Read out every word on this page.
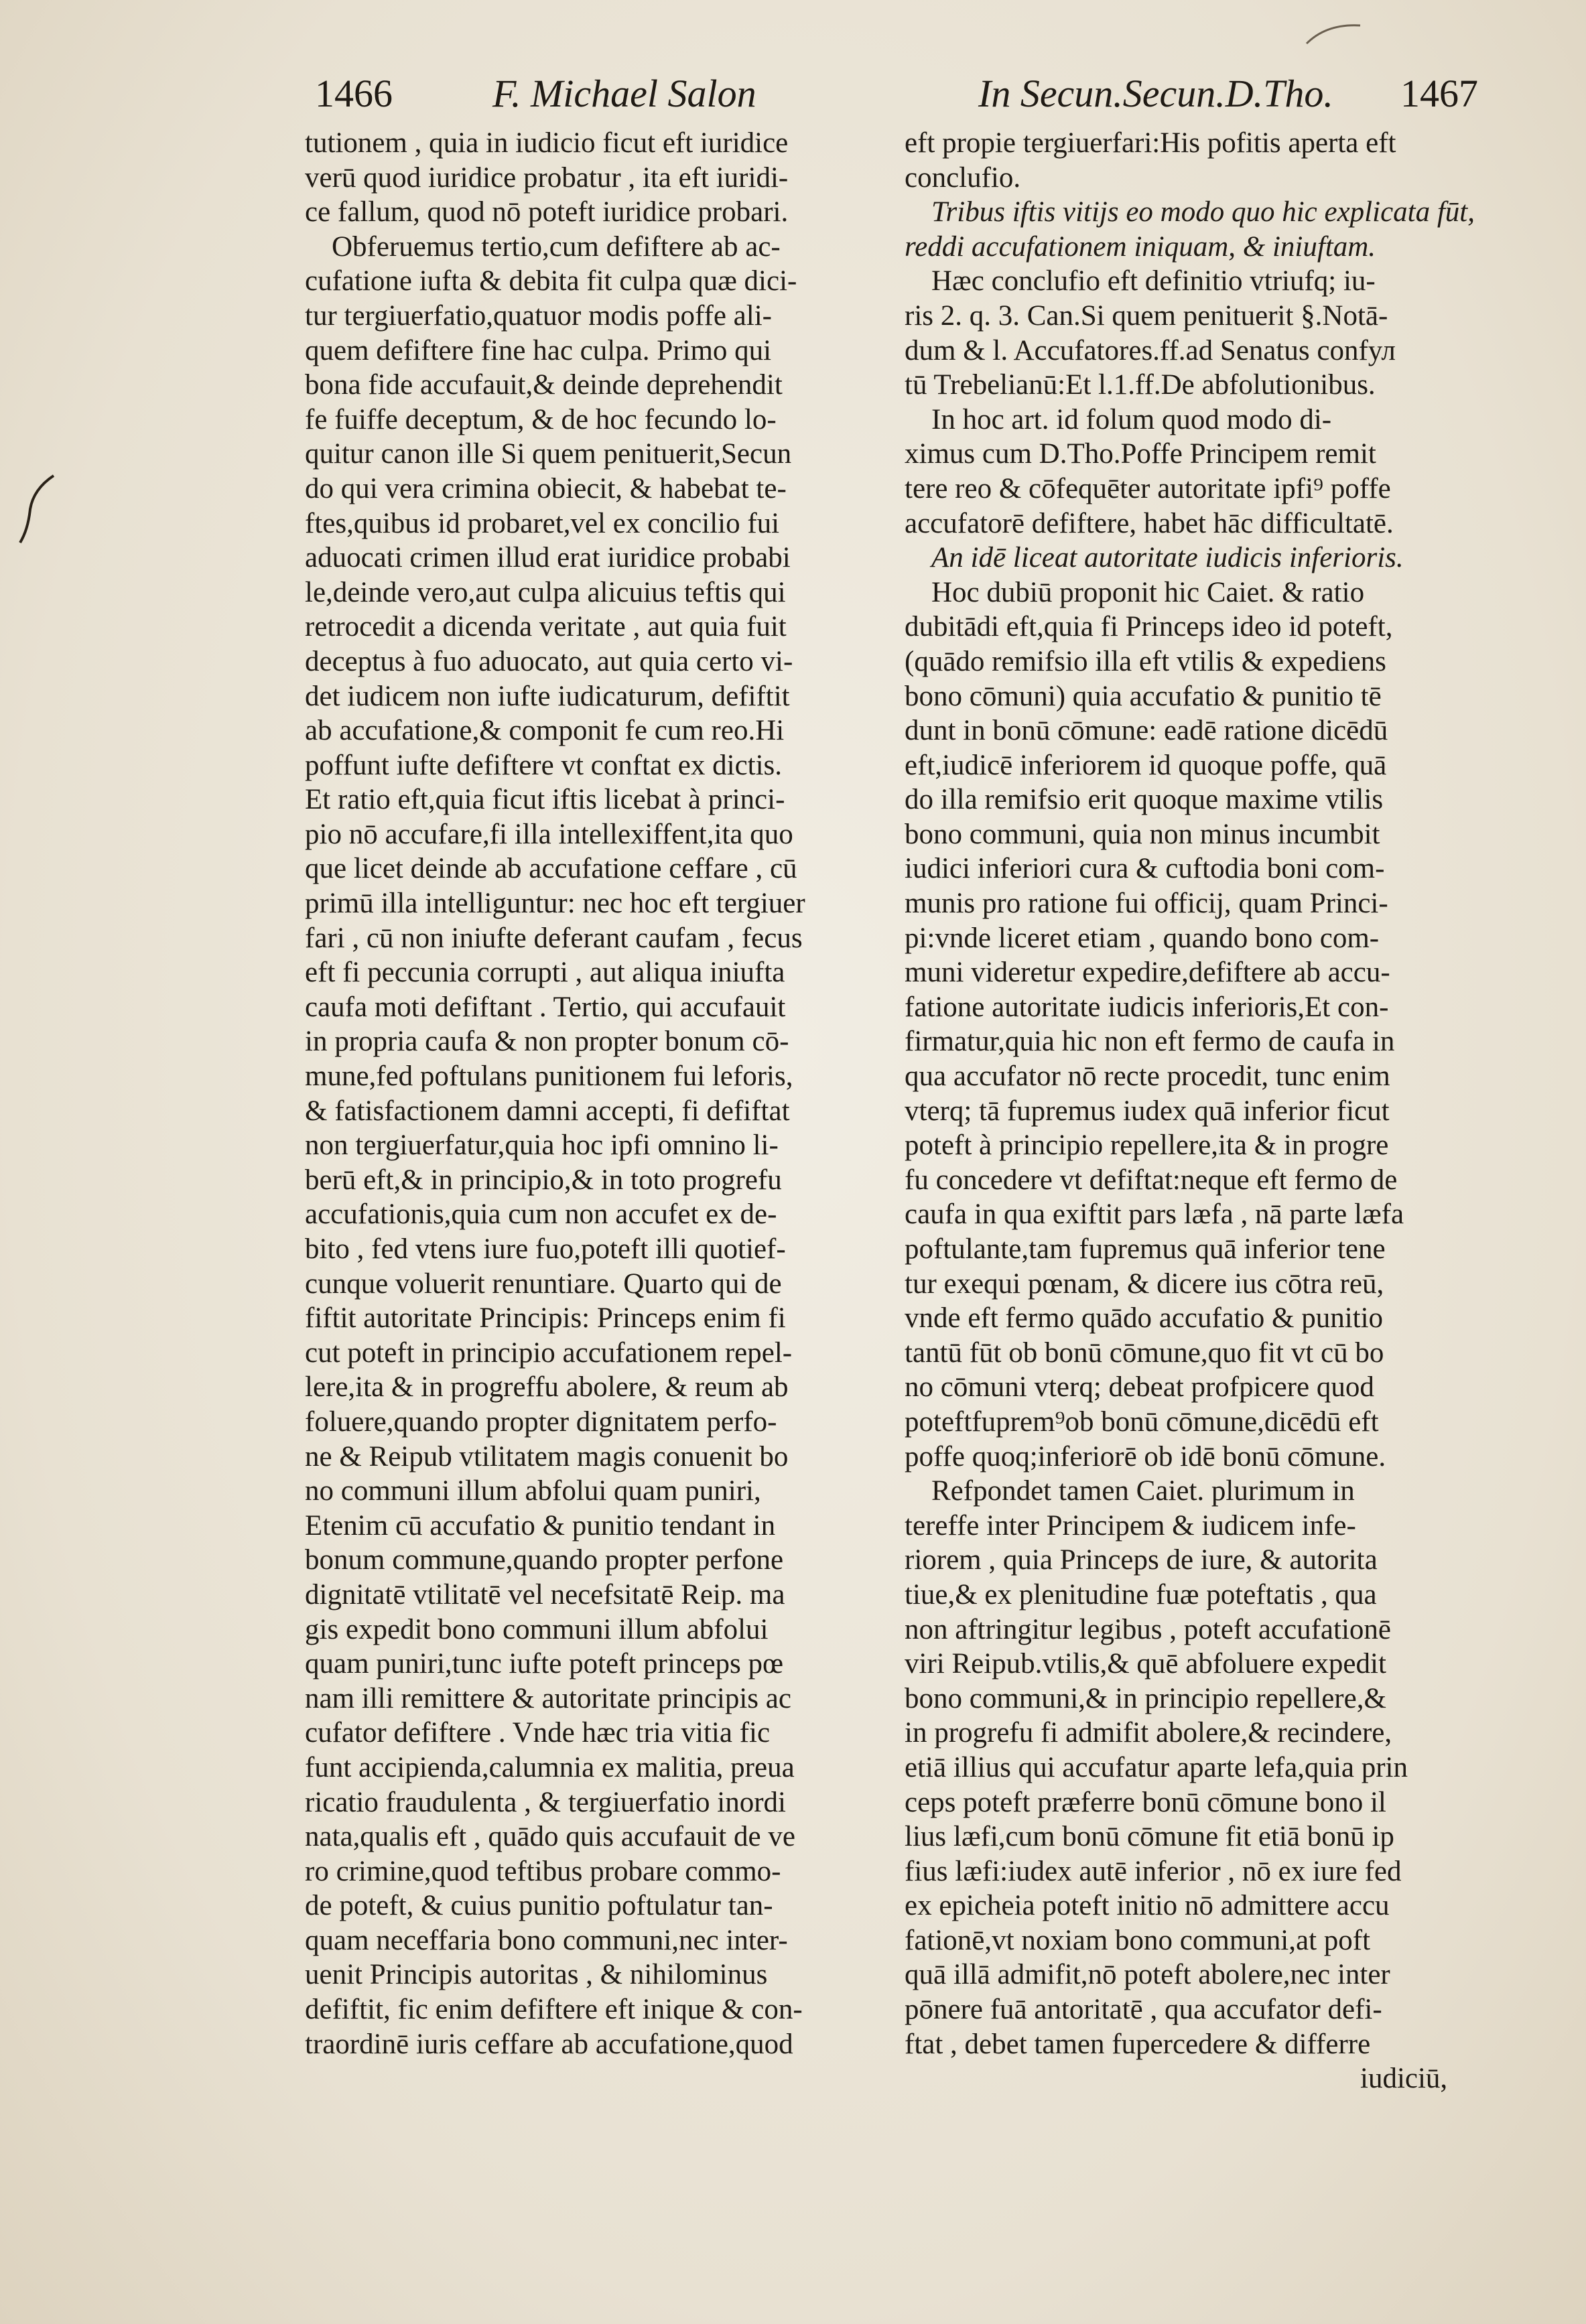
1466	F. Michael Salon	In Secun.Secun.D.Tho. 1467
tutionem , quia in iudicio ficut eft iuridice
verū quod iuridice probatur , ita eft iuridi-
ce fallum, quod nō poteft iuridice probari.
Obferuemus tertio,cum defiftere ab ac-
cufatione iufta & debita fit culpa quæ dici-
tur tergiuerfatio,quatuor modis poffe ali-
quem defiftere fine hac culpa. Primo qui
bona fide accufauit,& deinde deprehendit
fe fuiffe deceptum, & de hoc fecundo lo-
quitur canon ille Si quem penituerit,Secun
do qui vera crimina obiecit, & habebat te-
ftes,quibus id probaret,vel ex concilio fui
aduocati crimen illud erat iuridice probabi
le,deinde vero,aut culpa alicuius teftis qui
retrocedit a dicenda veritate , aut quia fuit
deceptus à fuo aduocato, aut quia certo vi-
det iudicem non iufte iudicaturum, defiftit
ab accufatione,& componit fe cum reo.Hi
poffunt iufte defiftere vt conftat ex dictis.
Et ratio eft,quia ficut iftis licebat à princi-
pio nō accufare,fi illa intellexiffent,ita quo
que licet deinde ab accufatione ceffare , cū
primū illa intelliguntur: nec hoc eft tergiuer
fari , cū non iniufte deferant caufam , fecus
eft fi peccunia corrupti , aut aliqua iniufta
caufa moti defiftant . Tertio, qui accufauit
in propria caufa & non propter bonum cō-
mune,fed poftulans punitionem fui leforis,
& fatisfactionem damni accepti, fi defiftat
non tergiuerfatur,quia hoc ipfi omnino li-
berū eft,& in principio,& in toto progrefu
accufationis,quia cum non accufet ex de-
bito , fed vtens iure fuo,poteft illi quotief-
cunque voluerit renuntiare. Quarto qui de
fiftit autoritate Principis: Princeps enim fi
cut poteft in principio accufationem repel-
lere,ita & in progreffu abolere, & reum ab
foluere,quando propter dignitatem perfo-
ne & Reipub vtilitatem magis conuenit bo
no communi illum abfolui quam puniri,
Etenim cū accufatio & punitio tendant in
bonum commune,quando propter perfone
dignitatē vtilitatē vel necefsitatē Reip. ma
gis expedit bono communi illum abfolui
quam puniri,tunc iufte poteft princeps pœ
nam illi remittere & autoritate principis ac
cufator defiftere . Vnde hæc tria vitia fic
funt accipienda,calumnia ex malitia, preua
ricatio fraudulenta , & tergiuerfatio inordi
nata,qualis eft , quādo quis accufauit de ve
ro crimine,quod teftibus probare commo-
de poteft, & cuius punitio poftulatur tan-
quam neceffaria bono communi,nec inter-
uenit Principis autoritas , & nihilominus
defiftit, fic enim defiftere eft inique & con-
traordinē iuris ceffare ab accufatione,quod
eft propie tergiuerfari:His pofitis aperta eft
conclufio.
Tribus iftis vitijs eo modo quo hic explicata fūt,
reddi accufationem iniquam, & iniuftam.
Hæc conclufio eft definitio vtriufq; iu-
ris 2. q. 3. Can.Si quem penituerit §.Notā-
dum & l. Accufatores.ff.ad Senatus confул
tū Trebelianū:Et l.1.ff.De abfolutionibus.
In hoc art. id folum quod modo di-
ximus cum D.Tho.Poffe Principem remit
tere reo & cōfequēter autoritate ipfi⁹ poffe
accufatorē defiftere, habet hāc difficultatē.
An idē liceat autoritate iudicis inferioris.
Hoc dubiū proponit hic Caiet. & ratio
dubitādi eft,quia fi Princeps ideo id poteft,
(quādo remifsio illa eft vtilis & expediens
bono cōmuni) quia accufatio & punitio tē
dunt in bonū cōmune: eadē ratione dicēdū
eft,iudicē inferiorem id quoque poffe, quā
do illa remifsio erit quoque maxime vtilis
bono communi, quia non minus incumbit
iudici inferiori cura & cuftodia boni com-
munis pro ratione fui officij, quam Princi-
pi:vnde liceret etiam , quando bono com-
muni videretur expedire,defiftere ab accu-
fatione autoritate iudicis inferioris,Et con-
firmatur,quia hic non eft fermo de caufa in
qua accufator nō recte procedit, tunc enim
vterq; tā fupremus iudex quā inferior ficut
poteft à principio repellere,ita & in progre
fu concedere vt defiftat:neque eft fermo de
caufa in qua exiftit pars læfa , nā parte læfa
poftulante,tam fupremus quā inferior tene
tur exequi pœnam, & dicere ius cōtra reū,
vnde eft fermo quādo accufatio & punitio
tantū fūt ob bonū cōmune,quo fit vt cū bo
no cōmuni vterq; debeat profpicere quod
poteftfuprem⁹ob bonū cōmune,dicēdū eft
poffe quoq;inferiorē ob idē bonū cōmune.
Refpondet tamen Caiet. plurimum in
tereffe inter Principem & iudicem infe-
riorem , quia Princeps de iure, & autorita
tiue,& ex plenitudine fuæ poteftatis , qua
non aftringitur legibus , poteft accufationē
viri Reipub.vtilis,& quē abfoluere expedit
bono communi,& in principio repellere,&
in progrefu fi admifit abolere,& recindere,
etiā illius qui accufatur aparte lefa,quia prin
ceps poteft præferre bonū cōmune bono il
lius læfi,cum bonū cōmune fit etiā bonū ip
fius læfi:iudex autē inferior , nō ex iure fed
ex epicheia poteft initio nō admittere accu
fationē,vt noxiam bono communi,at poft
quā illā admifit,nō poteft abolere,nec inter
pōnere fuā antoritatē , qua accufator defi-
ftat , debet tamen fupercedere & differre
iudiciū,
